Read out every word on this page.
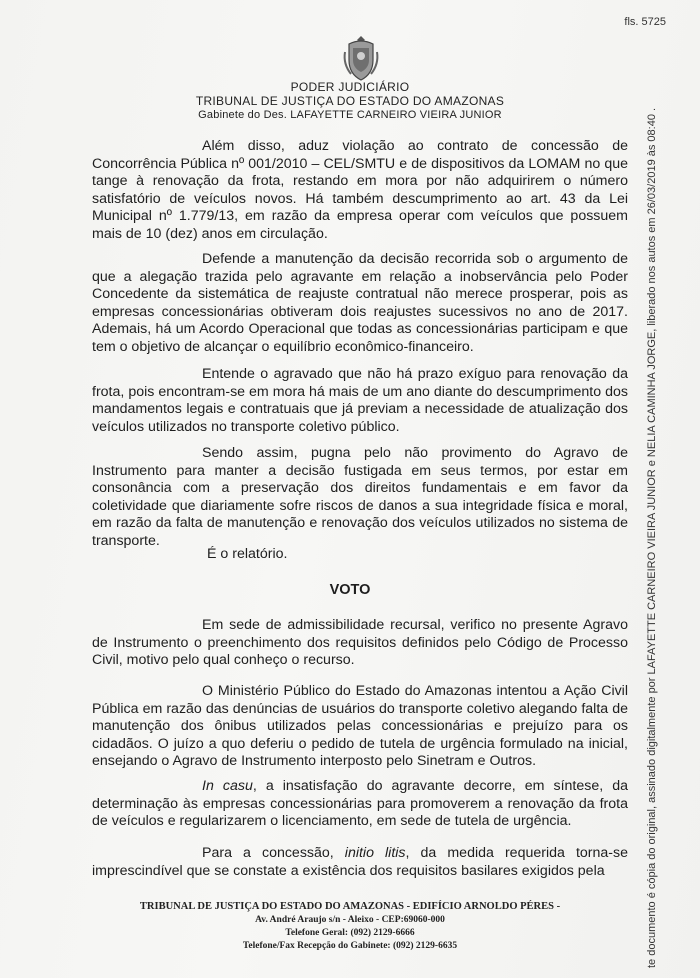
fls. 5725
PODER JUDICIÁRIO
TRIBUNAL DE JUSTIÇA DO ESTADO DO AMAZONAS
Gabinete do Des. LAFAYETTE CARNEIRO VIEIRA JUNIOR

Além disso, aduz violação ao contrato de concessão de Concorrência Pública nº 001/2010 – CEL/SMTU e de dispositivos da LOMAM no que tange à renovação da frota, restando em mora por não adquirirem o número satisfatório de veículos novos. Há também descumprimento ao art. 43 da Lei Municipal nº 1.779/13, em razão da empresa operar com veículos que possuem mais de 10 (dez) anos em circulação.

Defende a manutenção da decisão recorrida sob o argumento de que a alegação trazida pelo agravante em relação a inobservância pelo Poder Concedente da sistemática de reajuste contratual não merece prosperar, pois as empresas concessionárias obtiveram dois reajustes sucessivos no ano de 2017. Ademais, há um Acordo Operacional que todas as concessionárias participam e que tem o objetivo de alcançar o equilíbrio econômico-financeiro.

Entende o agravado que não há prazo exíguo para renovação da frota, pois encontram-se em mora há mais de um ano diante do descumprimento dos mandamentos legais e contratuais que já previam a necessidade de atualização dos veículos utilizados no transporte coletivo público.

Sendo assim, pugna pelo não provimento do Agravo de Instrumento para manter a decisão fustigada em seus termos, por estar em consonância com a preservação dos direitos fundamentais e em favor da coletividade que diariamente sofre riscos de danos a sua integridade física e moral, em razão da falta de manutenção e renovação dos veículos utilizados no sistema de transporte.

É o relatório.
VOTO

Em sede de admissibilidade recursal, verifico no presente Agravo de Instrumento o preenchimento dos requisitos definidos pelo Código de Processo Civil, motivo pelo qual conheço o recurso.

O Ministério Público do Estado do Amazonas intentou a Ação Civil Pública em razão das denúncias de usuários do transporte coletivo alegando falta de manutenção dos ônibus utilizados pelas concessionárias e prejuízo para os cidadãos. O juízo a quo deferiu o pedido de tutela de urgência formulado na inicial, ensejando o Agravo de Instrumento interposto pelo Sinetram e Outros.

In casu, a insatisfação do agravante decorre, em síntese, da determinação às empresas concessionárias para promoverem a renovação da frota de veículos e regularizarem o licenciamento, em sede de tutela de urgência.

Para a concessão, initio litis, da medida requerida torna-se imprescindível que se constate a existência dos requisitos basilares exigidos pela

TRIBUNAL DE JUSTIÇA DO ESTADO DO AMAZONAS - EDIFÍCIO ARNOLDO PÉRES -
Av. André Araujo s/n - Aleixo - CEP:69060-000
Telefone Geral: (092) 2129-6666
Telefone/Fax Recepção do Gabinete: (092) 2129-6635	te documento é cópia do original, assinado digitalmente por LAFAYETTE CARNEIRO VIEIRA JUNIOR e NELIA CAMINHA JORGE, liberado nos autos em 26/03/2019 às 08:40 .
